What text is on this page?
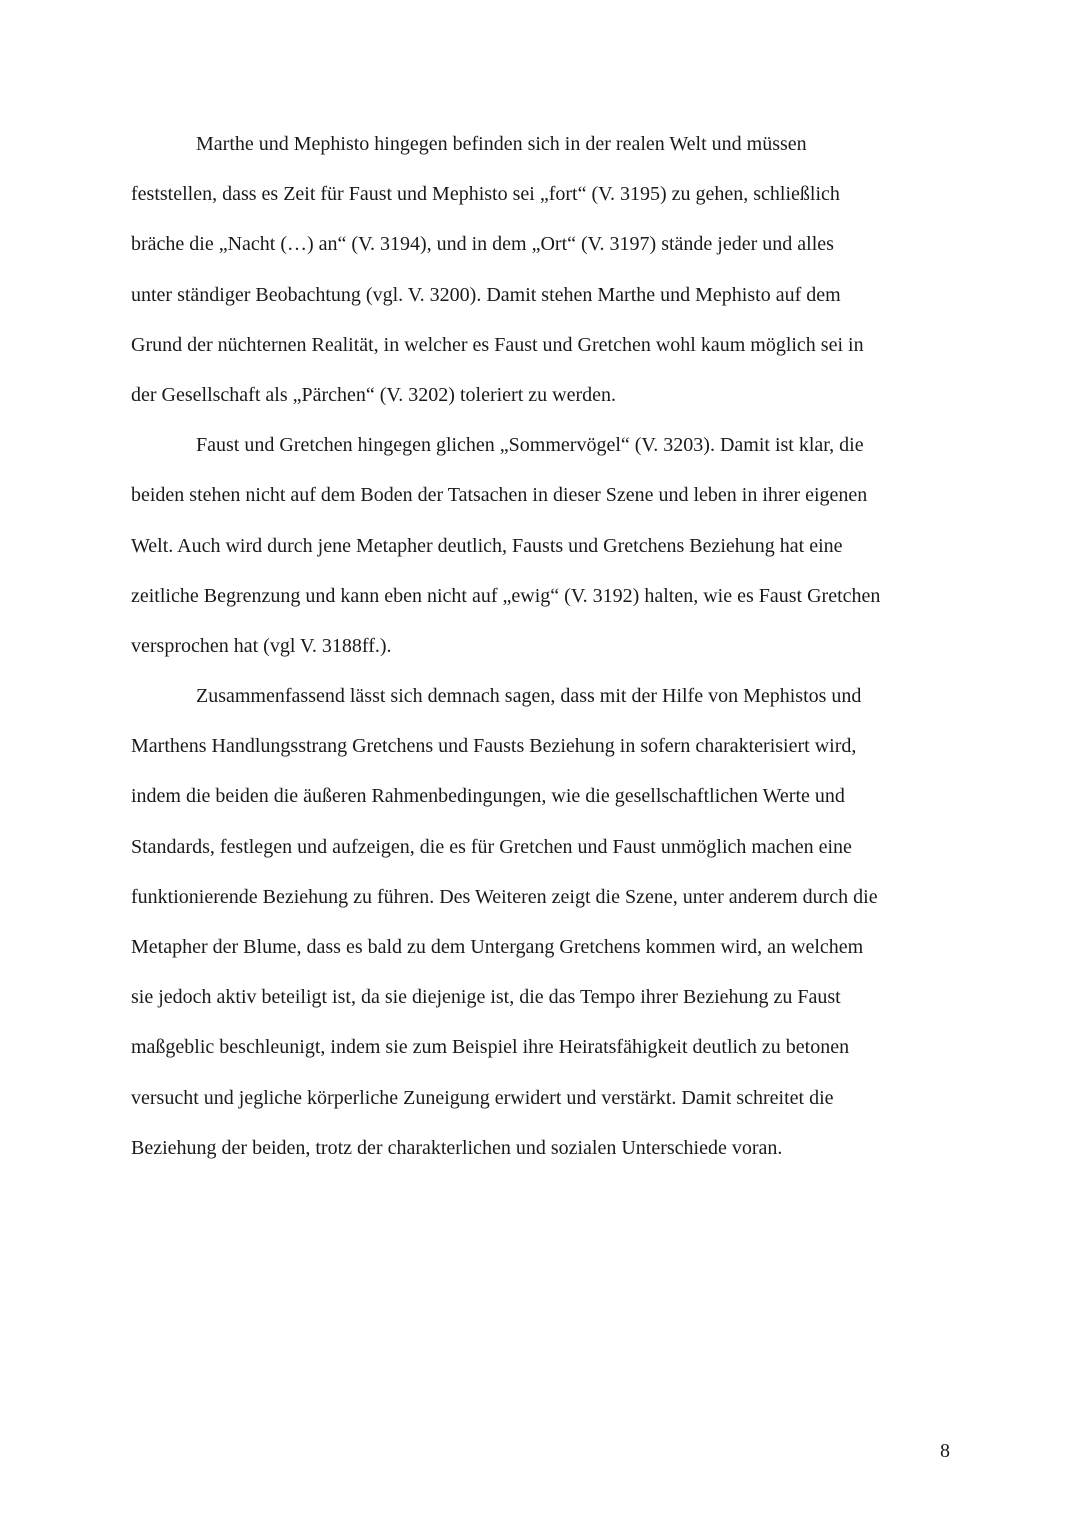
Marthe und Mephisto hingegen befinden sich in der realen Welt und müssen
feststellen, dass es Zeit für Faust und Mephisto sei „fort“ (V. 3195) zu gehen, schließlich
bräche die „Nacht (…) an“ (V. 3194), und in dem „Ort“ (V. 3197) stände jeder und alles
unter ständiger Beobachtung (vgl. V. 3200). Damit stehen Marthe und Mephisto auf dem
Grund der nüchternen Realität, in welcher es Faust und Gretchen wohl kaum möglich sei in
der Gesellschaft als „Pärchen“ (V. 3202) toleriert zu werden.
Faust und Gretchen hingegen glichen „Sommervögel“ (V. 3203). Damit ist klar, die
beiden stehen nicht auf dem Boden der Tatsachen in dieser Szene und leben in ihrer eigenen
Welt. Auch wird durch jene Metapher deutlich, Fausts und Gretchens Beziehung hat eine
zeitliche Begrenzung und kann eben nicht auf „ewig“ (V. 3192) halten, wie es Faust Gretchen
versprochen hat (vgl V. 3188ff.).
Zusammenfassend lässt sich demnach sagen, dass mit der Hilfe von Mephistos und
Marthens Handlungsstrang Gretchens und Fausts Beziehung in sofern charakterisiert wird,
indem die beiden die äußeren Rahmenbedingungen, wie die gesellschaftlichen Werte und
Standards, festlegen und aufzeigen, die es für Gretchen und Faust unmöglich machen eine
funktionierende Beziehung zu führen. Des Weiteren zeigt die Szene, unter anderem durch die
Metapher der Blume, dass es bald zu dem Untergang Gretchens kommen wird, an welchem
sie jedoch aktiv beteiligt ist, da sie diejenige ist, die das Tempo ihrer Beziehung zu Faust
maßgeblic beschleunigt, indem sie zum Beispiel ihre Heiratsfähigkeit deutlich zu betonen
versucht und jegliche körperliche Zuneigung erwidert und verstärkt. Damit schreitet die
Beziehung der beiden, trotz der charakterlichen und sozialen Unterschiede voran.
8
